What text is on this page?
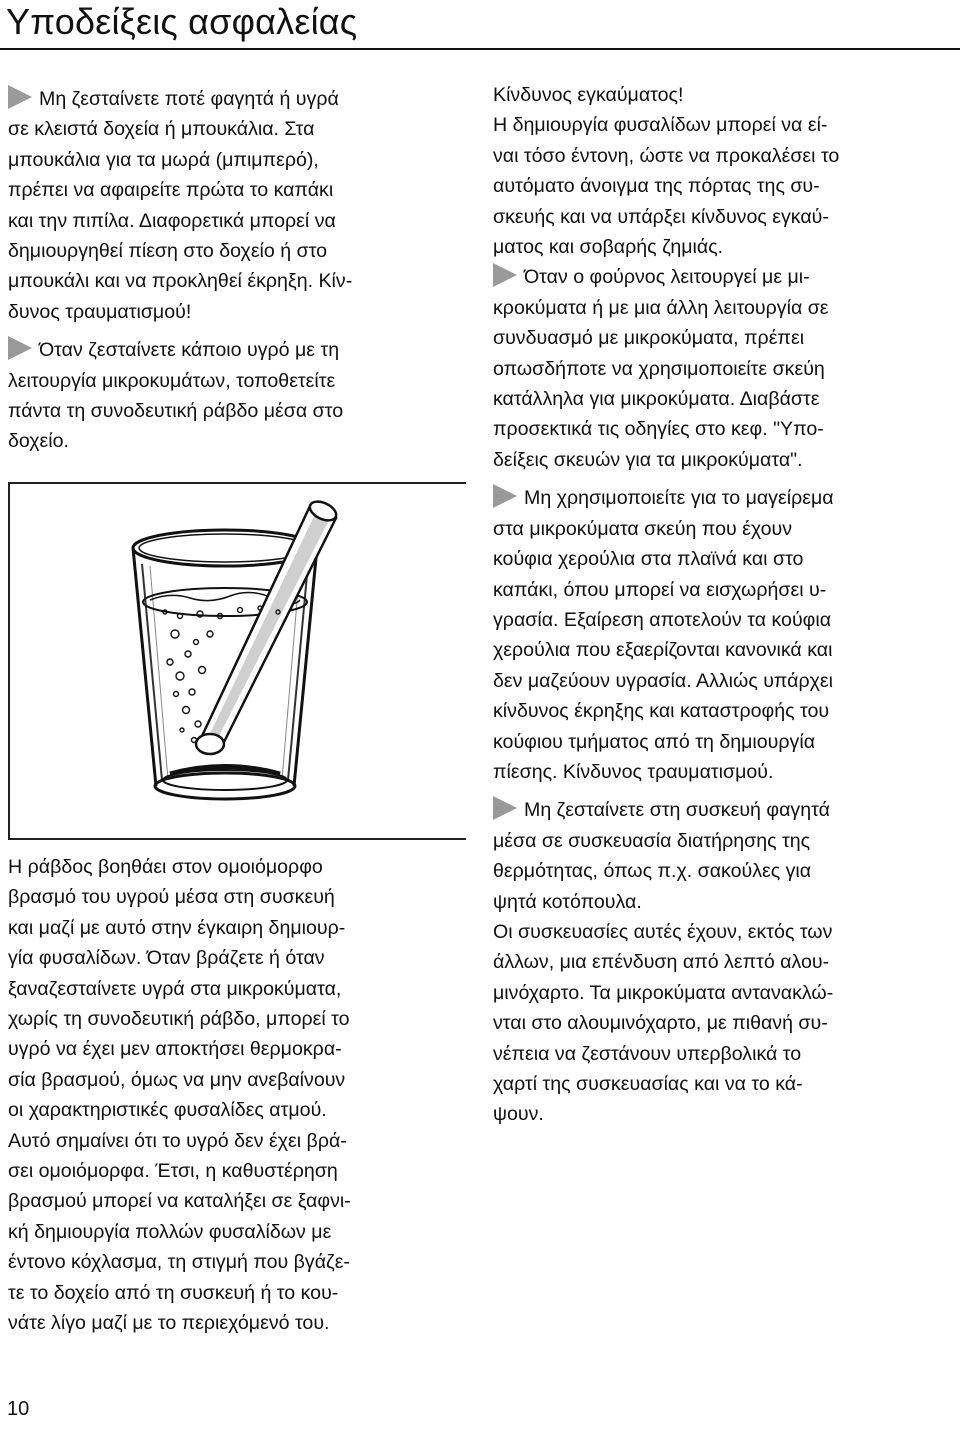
Υποδείξεις ασφαλείας
Μη ζεσταίνετε ποτέ φαγητά ή υγρά
σε κλειστά δοχεία ή μπουκάλια. Στα
μπουκάλια για τα μωρά (μπιμπερό),
πρέπει να αφαιρείτε πρώτα το καπάκι
και την πιπίλα. Διαφορετικά μπορεί να
δημιουργηθεί πίεση στο δοχείο ή στο
μπουκάλι και να προκληθεί έκρηξη. Κίν-
δυνος τραυματισμού!
Όταν ζεσταίνετε κάποιο υγρό με τη
λειτουργία μικροκυμάτων, τοποθετείτε
πάντα τη συνοδευτική ράβδο μέσα στο
δοχείο.
Η ράβδος βοηθάει στον ομοιόμορφο
βρασμό του υγρού μέσα στη συσκευή
και μαζί με αυτό στην έγκαιρη δημιουρ-
γία φυσαλίδων. Όταν βράζετε ή όταν
ξαναζεσταίνετε υγρά στα μικροκύματα,
χωρίς τη συνοδευτική ράβδο, μπορεί το
υγρό να έχει μεν αποκτήσει θερμοκρα-
σία βρασμού, όμως να μην ανεβαίνουν
οι χαρακτηριστικές φυσαλίδες ατμού.
Αυτό σημαίνει ότι το υγρό δεν έχει βρά-
σει ομοιόμορφα. Έτσι, η καθυστέρηση
βρασμού μπορεί να καταλήξει σε ξαφνι-
κή δημιουργία πολλών φυσαλίδων με
έντονο κόχλασμα, τη στιγμή που βγάζε-
τε το δοχείο από τη συσκευή ή το κου-
νάτε λίγο μαζί με το περιεχόμενό του.
Κίνδυνος εγκαύματος!
Η δημιουργία φυσαλίδων μπορεί να εί-
ναι τόσο έντονη, ώστε να προκαλέσει το
αυτόματο άνοιγμα της πόρτας της συ-
σκευής και να υπάρξει κίνδυνος εγκαύ-
ματος και σοβαρής ζημιάς.
Όταν ο φούρνος λειτουργεί με μι-
κροκύματα ή με μια άλλη λειτουργία σε
συνδυασμό με μικροκύματα, πρέπει
οπωσδήποτε να χρησιμοποιείτε σκεύη
κατάλληλα για μικροκύματα. Διαβάστε
προσεκτικά τις οδηγίες στο κεφ. "Υπο-
δείξεις σκευών για τα μικροκύματα".
Μη χρησιμοποιείτε για το μαγείρεμα
στα μικροκύματα σκεύη που έχουν
κούφια χερούλια στα πλαϊνά και στο
καπάκι, όπου μπορεί να εισχωρήσει υ-
γρασία. Εξαίρεση αποτελούν τα κούφια
χερούλια που εξαερίζονται κανονικά και
δεν μαζεύουν υγρασία. Αλλιώς υπάρχει
κίνδυνος έκρηξης και καταστροφής του
κούφιου τμήματος από τη δημιουργία
πίεσης. Κίνδυνος τραυματισμού.
Μη ζεσταίνετε στη συσκευή φαγητά
μέσα σε συσκευασία διατήρησης της
θερμότητας, όπως π.χ. σακούλες για
ψητά κοτόπουλα.
Οι συσκευασίες αυτές έχουν, εκτός των
άλλων, μια επένδυση από λεπτό αλου-
μινόχαρτο. Τα μικροκύματα αντανακλώ-
νται στο αλουμινόχαρτο, με πιθανή συ-
νέπεια να ζεστάνουν υπερβολικά το
χαρτί της συσκευασίας και να το κά-
ψουν.
10
